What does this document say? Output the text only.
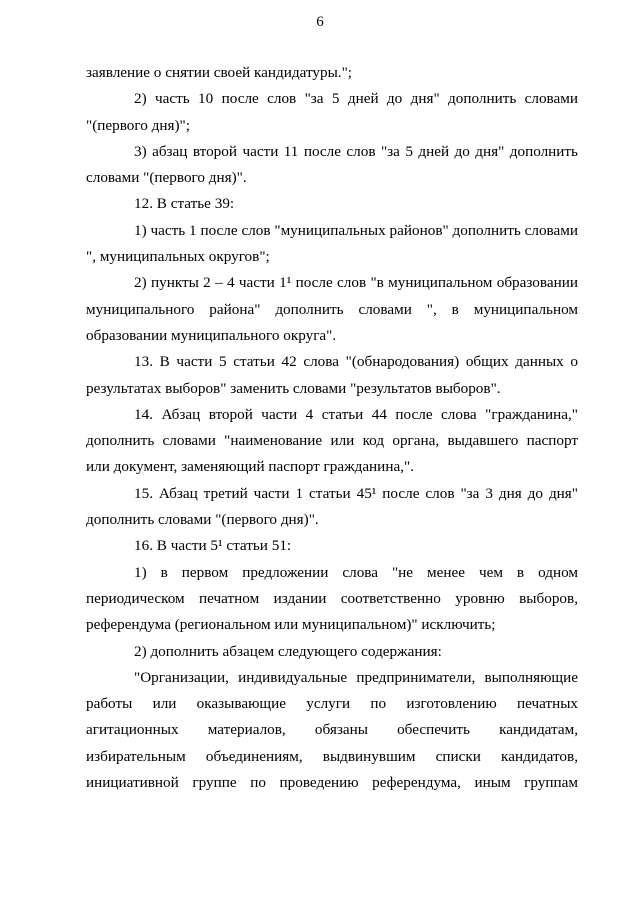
6
заявление о снятии своей кандидатуры.";
2) часть 10 после слов "за 5 дней до дня" дополнить словами
"(первого дня)";
3) абзац второй части 11 после слов "за 5 дней до дня" дополнить
словами "(первого дня)".
12. В статье 39:
1) часть 1 после слов "муниципальных районов" дополнить словами
", муниципальных округов";
2) пункты 2 – 4 части 1¹ после слов "в муниципальном образовании
муниципального района" дополнить словами ", в муниципальном
образовании муниципального округа".
13. В части 5 статьи 42 слова "(обнародования) общих данных о
результатах выборов" заменить словами "результатов выборов".
14. Абзац второй части 4 статьи 44 после слова "гражданина,"
дополнить словами "наименование или код органа, выдавшего паспорт
или документ, заменяющий паспорт гражданина,".
15. Абзац третий части 1 статьи 45¹ после слов "за 3 дня до дня"
дополнить словами "(первого дня)".
16. В части 5¹ статьи 51:
1) в первом предложении слова "не менее чем в одном
периодическом печатном издании соответственно уровню выборов,
референдума (региональном или муниципальном)" исключить;
2) дополнить абзацем следующего содержания:
"Организации, индивидуальные предприниматели, выполняющие
работы или оказывающие услуги по изготовлению печатных
агитационных материалов, обязаны обеспечить кандидатам,
избирательным объединениям, выдвинувшим списки кандидатов,
инициативной группе по проведению референдума, иным группам
